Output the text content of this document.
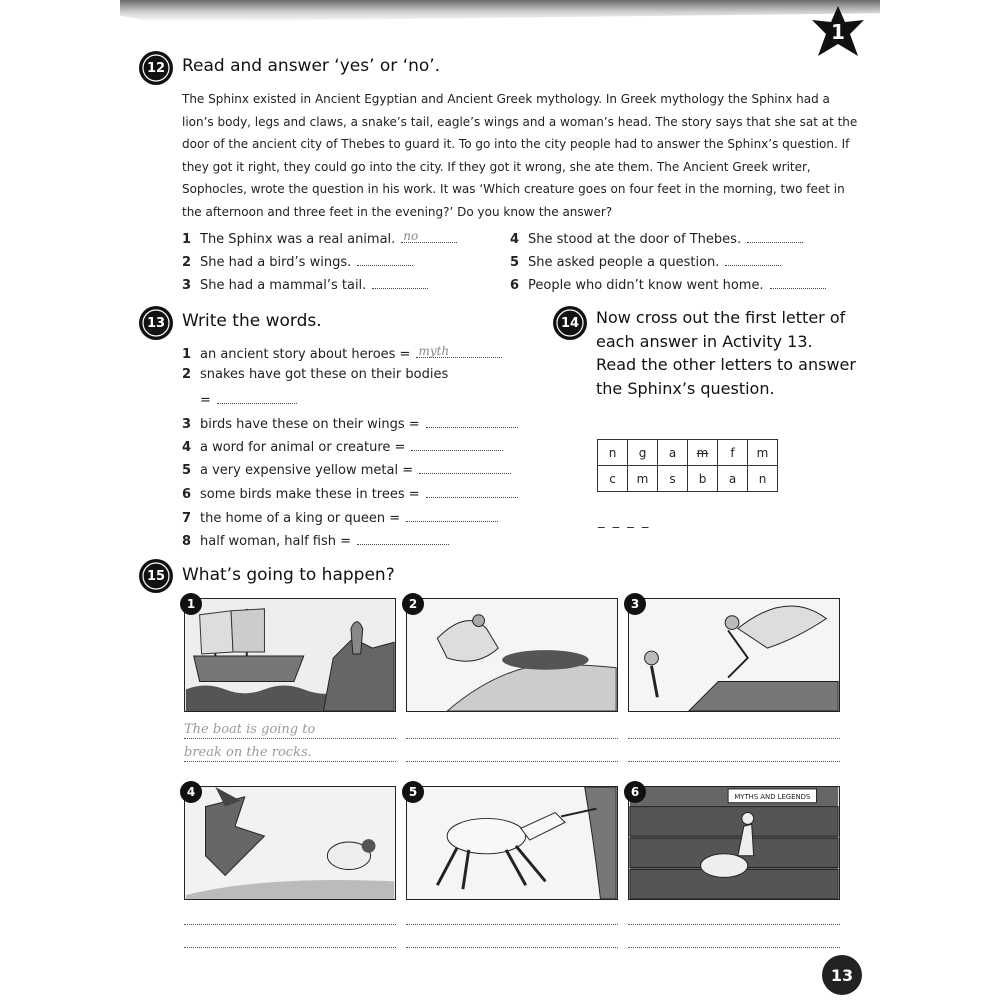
1
12 Read and answer ‘yes’ or ‘no’.
The Sphinx existed in Ancient Egyptian and Ancient Greek mythology. In Greek mythology the Sphinx had a lion’s body, legs and claws, a snake’s tail, eagle’s wings and a woman’s head. The story says that she sat at the door of the ancient city of Thebes to guard it. To go into the city people had to answer the Sphinx’s question. If they got it right, they could go into the city. If they got it wrong, she ate them. The Ancient Greek writer, Sophocles, wrote the question in his work. It was ‘Which creature goes on four feet in the morning, two feet in the afternoon and three feet in the evening?’ Do you know the answer?
1 The Sphinx was a real animal. no
2 She had a bird’s wings.
3 She had a mammal’s tail.
4 She stood at the door of Thebes.
5 She asked people a question.
6 People who didn’t know went home.
13 Write the words.
1 an ancient story about heroes = myth
2 snakes have got these on their bodies
=
3 birds have these on their wings =
4 a word for animal or creature =
5 a very expensive yellow metal =
6 some birds make these in trees =
7 the home of a king or queen =
8 half woman, half fish =
14	Now cross out the first letter of each answer in Activity 13. Read the other letters to answer the Sphinx’s question.
n	g	a	m	f	m
c	m	s	b	a	n
_ _ _ _
15 What’s going to happen?
1	2	3
The boat is going to
break on the rocks.
4	5	MYTHS AND LEGENDS
6
13
